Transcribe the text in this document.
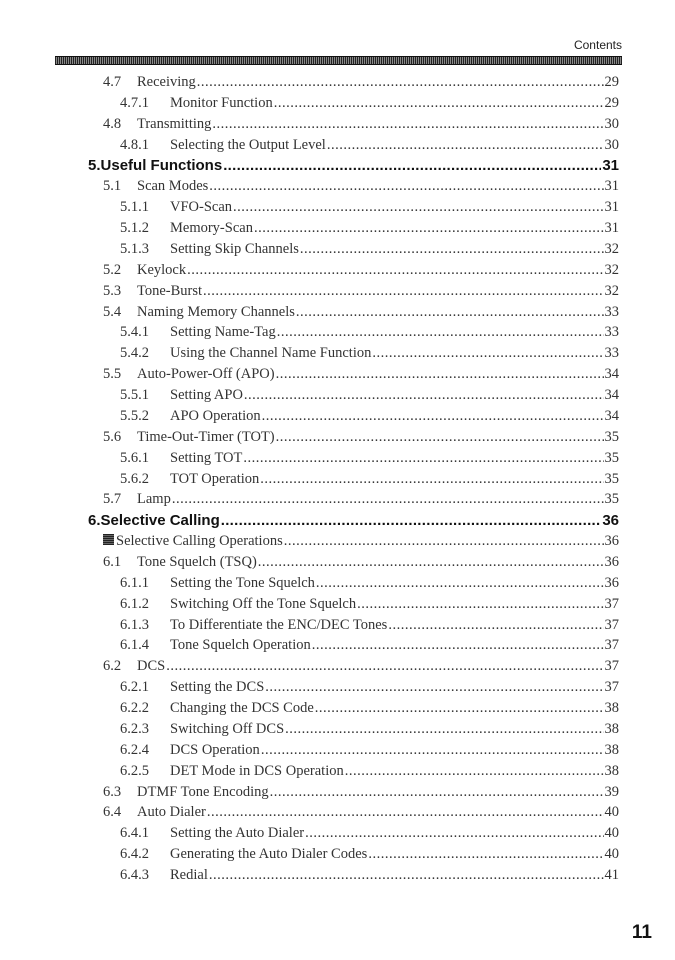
Contents
4.7	Receiving .....	29
4.7.1	Monitor Function .....	29
4.8	Transmitting .....	30
4.8.1	Selecting the Output Level .....	30
5. Useful Functions .....	31
5.1	Scan Modes .....	31
5.1.1	VFO-Scan .....	31
5.1.2	Memory-Scan .....	31
5.1.3	Setting Skip Channels .....	32
5.2	Keylock .....	32
5.3	Tone-Burst .....	32
5.4	Naming Memory Channels .....	33
5.4.1	Setting Name-Tag .....	33
5.4.2	Using the Channel Name Function .....	33
5.5	Auto-Power-Off (APO) .....	34
5.5.1	Setting APO .....	34
5.5.2	APO Operation .....	34
5.6	Time-Out-Timer (TOT) .....	35
5.6.1	Setting TOT .....	35
5.6.2	TOT Operation .....	35
5.7	Lamp .....	35
6. Selective Calling .....	36
Selective Calling Operations .....	36
6.1	Tone Squelch (TSQ) .....	36
6.1.1	Setting the Tone Squelch .....	36
6.1.2	Switching Off the Tone Squelch .....	37
6.1.3	To Differentiate the ENC/DEC Tones .....	37
6.1.4	Tone Squelch Operation .....	37
6.2	DCS .....	37
6.2.1	Setting the DCS .....	37
6.2.2	Changing the DCS Code .....	38
6.2.3	Switching Off DCS .....	38
6.2.4	DCS Operation .....	38
6.2.5	DET Mode in DCS Operation .....	38
6.3	DTMF Tone Encoding .....	39
6.4	Auto Dialer .....	40
6.4.1	Setting the Auto Dialer .....	40
6.4.2	Generating the Auto Dialer Codes .....	40
6.4.3	Redial .....	41
11
